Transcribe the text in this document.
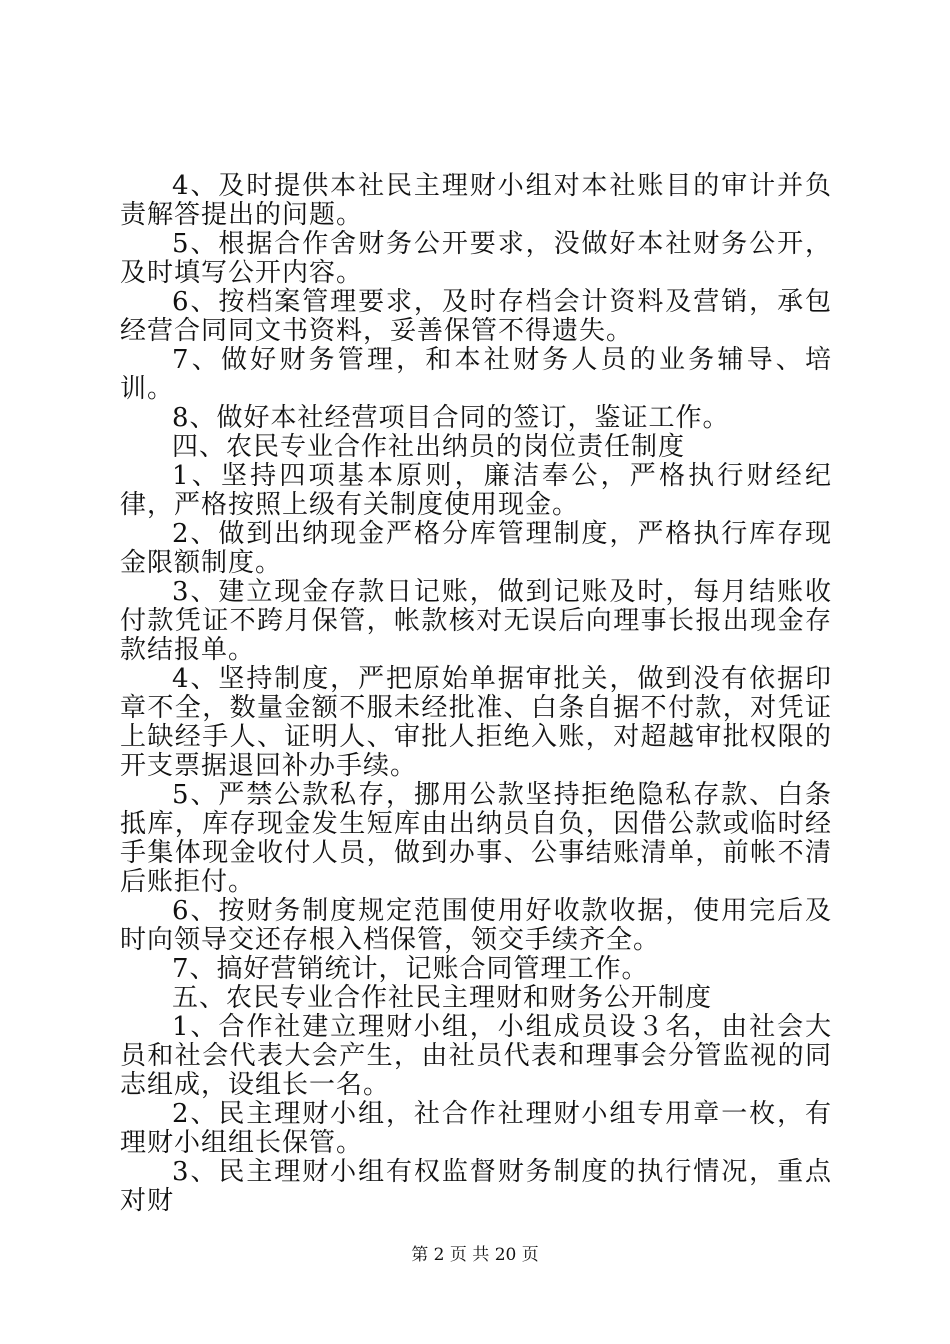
4、及时提供本社民主理财小组对本社账目的审计并负责解答提出的问题。

5、根据合作舍财务公开要求，没做好本社财务公开，及时填写公开内容。

6、按档案管理要求，及时存档会计资料及营销，承包经营合同同文书资料，妥善保管不得遗失。

7、做好财务管理，和本社财务人员的业务辅导、培训。

8、做好本社经营项目合同的签订，鉴证工作。

四、农民专业合作社出纳员的岗位责任制度

1、坚持四项基本原则，廉洁奉公，严格执行财经纪律，严格按照上级有关制度使用现金。

2、做到出纳现金严格分库管理制度，严格执行库存现金限额制度。

3、建立现金存款日记账，做到记账及时，每月结账收付款凭证不跨月保管，帐款核对无误后向理事长报出现金存款结报单。

4、坚持制度，严把原始单据审批关，做到没有依据印章不全，数量金额不服未经批准、白条自据不付款，对凭证上缺经手人、证明人、审批人拒绝入账，对超越审批权限的开支票据退回补办手续。

5、严禁公款私存，挪用公款坚持拒绝隐私存款、白条抵库，库存现金发生短库由出纳员自负，因借公款或临时经手集体现金收付人员，做到办事、公事结账清单，前帐不清后账拒付。

6、按财务制度规定范围使用好收款收据，使用完后及时向领导交还存根入档保管，领交手续齐全。

7、搞好营销统计，记账合同管理工作。

五、农民专业合作社民主理财和财务公开制度

1、合作社建立理财小组，小组成员设３名，由社会大员和社会代表大会产生，由社员代表和理事会分管监视的同志组成，设组长一名。

2、民主理财小组，社合作社理财小组专用章一枚，有理财小组组长保管。

3、民主理财小组有权监督财务制度的执行情况，重点对财

第 2 页 共 20 页
